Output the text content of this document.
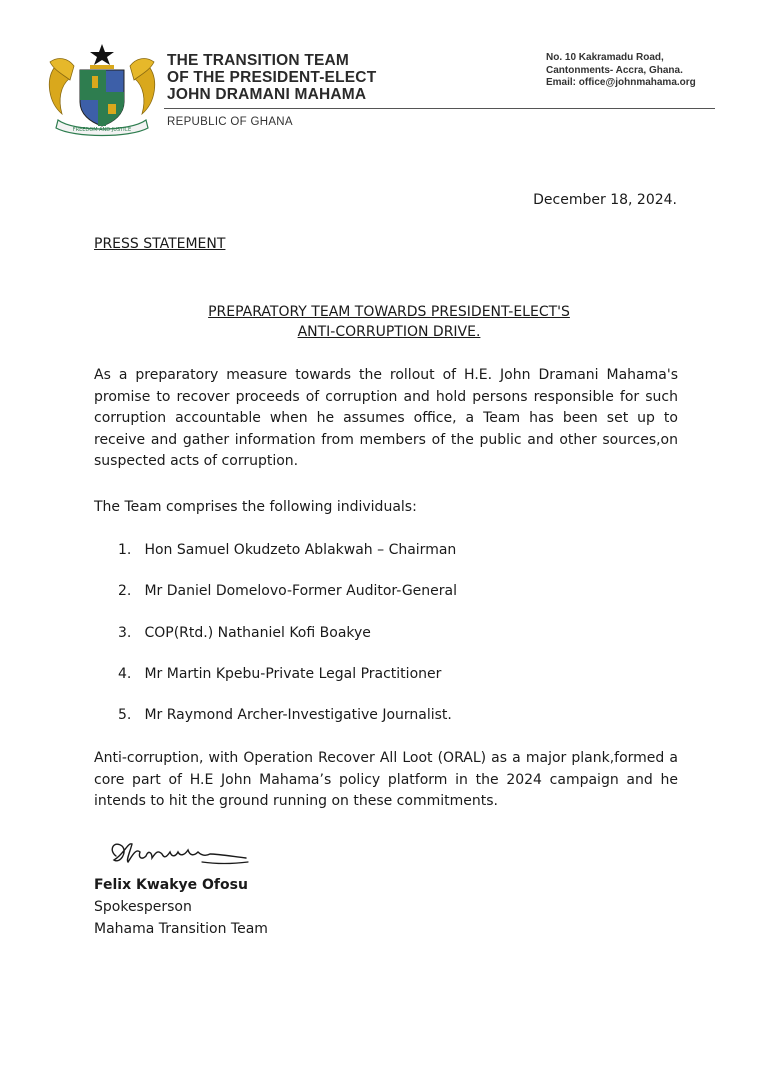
FREEDOM AND JUSTICE
THE TRANSITION TEAM
OF THE PRESIDENT-ELECT
JOHN DRAMANI MAHAMA
REPUBLIC OF GHANA
No. 10 Kakramadu Road,
Cantonments- Accra, Ghana.
Email: office@johnmahama.org
December 18, 2024.
PRESS STATEMENT
PREPARATORY TEAM TOWARDS PRESIDENT-ELECT'S
ANTI-CORRUPTION DRIVE.

As a preparatory measure towards the rollout of H.E. John Dramani Mahama's promise to recover proceeds of corruption and hold persons responsible for such corruption accountable when he assumes office, a Team has been set up to receive and gather information from members of the public and other sources,on suspected acts of corruption.

The Team comprises the following individuals:

1. Hon Samuel Okudzeto Ablakwah – Chairman
2. Mr Daniel Domelovo-Former Auditor-General
3. COP(Rtd.) Nathaniel Kofi Boakye
4. Mr Martin Kpebu-Private Legal Practitioner
5. Mr Raymond Archer-Investigative Journalist.

Anti-corruption, with Operation Recover All Loot (ORAL) as a major plank,formed a core part of H.E John Mahama’s policy platform in the 2024 campaign and he intends to hit the ground running on these commitments.

Felix Kwakye Ofosu
Spokesperson
Mahama Transition Team
